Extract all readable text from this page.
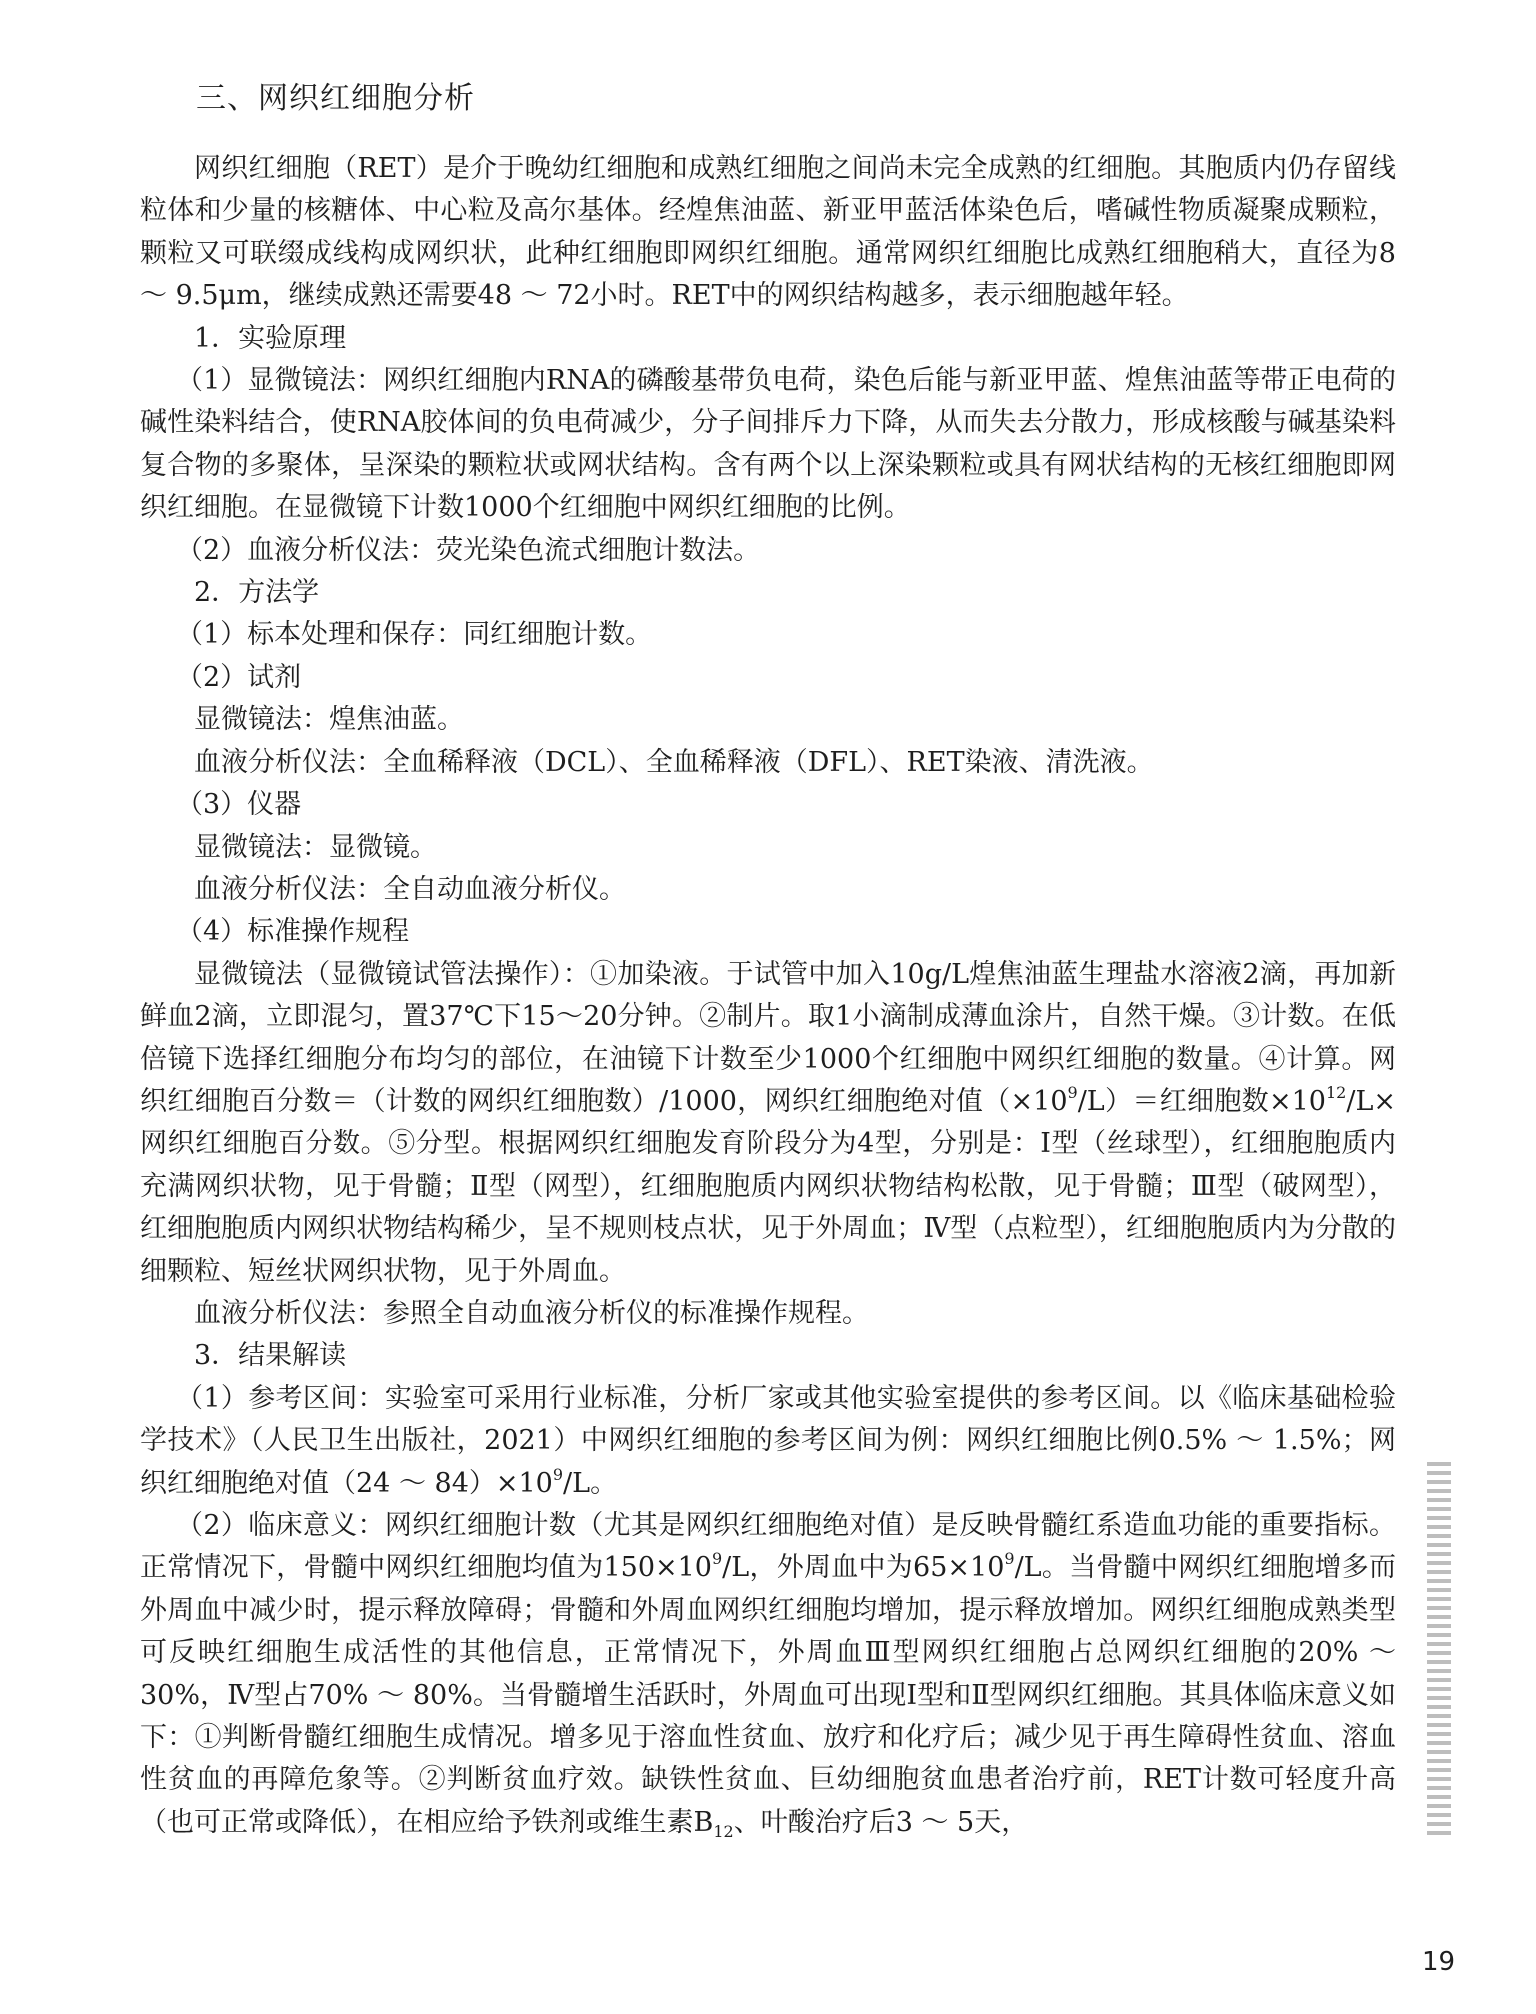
三、网织红细胞分析

网织红细胞（RET）是介于晚幼红细胞和成熟红细胞之间尚未完全成熟的红细胞。其胞质内仍存留线粒体和少量的核糖体、中心粒及高尔基体。经煌焦油蓝、新亚甲蓝活体染色后，嗜碱性物质凝聚成颗粒，颗粒又可联缀成线构成网织状，此种红细胞即网织红细胞。通常网织红细胞比成熟红细胞稍大，直径为8 ～ 9.5μm，继续成熟还需要48 ～ 72小时。RET中的网织结构越多，表示细胞越年轻。

1．实验原理

（1）显微镜法：网织红细胞内RNA的磷酸基带负电荷，染色后能与新亚甲蓝、煌焦油蓝等带正电荷的碱性染料结合，使RNA胶体间的负电荷减少，分子间排斥力下降，从而失去分散力，形成核酸与碱基染料复合物的多聚体，呈深染的颗粒状或网状结构。含有两个以上深染颗粒或具有网状结构的无核红细胞即网织红细胞。在显微镜下计数1000个红细胞中网织红细胞的比例。

（2）血液分析仪法：荧光染色流式细胞计数法。

2．方法学

（1）标本处理和保存：同红细胞计数。

（2）试剂

显微镜法：煌焦油蓝。

血液分析仪法：全血稀释液（DCL）、全血稀释液（DFL）、RET染液、清洗液。

（3）仪器

显微镜法：显微镜。

血液分析仪法：全自动血液分析仪。

（4）标准操作规程

显微镜法（显微镜试管法操作）：①加染液。于试管中加入10g/L煌焦油蓝生理盐水溶液2滴，再加新鲜血2滴，立即混匀，置37℃下15～20分钟。②制片。取1小滴制成薄血涂片，自然干燥。③计数。在低倍镜下选择红细胞分布均匀的部位，在油镜下计数至少1000个红细胞中网织红细胞的数量。④计算。网织红细胞百分数＝（计数的网织红细胞数）/1000，网织红细胞绝对值$(\times 10^9/L)=$红细胞数$\times 10^{12}/L\times$ 网织红细胞百分数。⑤分型。根据网织红细胞发育阶段分为4型，分别是：Ⅰ型（丝球型），红细胞胞质内充满网织状物，见于骨髓；Ⅱ型（网型），红细胞胞质内网织状物结构松散，见于骨髓；Ⅲ型（破网型），红细胞胞质内网织状物结构稀少，呈不规则枝点状，见于外周血；Ⅳ型（点粒型），红细胞胞质内为分散的细颗粒、短丝状网织状物，见于外周血。

血液分析仪法：参照全自动血液分析仪的标准操作规程。

3．结果解读

（1）参考区间：实验室可采用行业标准，分析厂家或其他实验室提供的参考区间。以《临床基础检验学技术》（人民卫生出版社，2021）中网织红细胞的参考区间为例：网织红细胞比例0.5% ～ 1.5%；网织红细胞绝对值（24 ～ $84)\times 10^9/L$。

（2）临床意义：网织红细胞计数（尤其是网织红细胞绝对值）是反映骨髓红系造血功能的重要指标。正常情况下，骨髓中网织红细胞均值为$150\times 10^9/L$，外周血中为$65\times 10^9/L$。当骨髓中网织红细胞增多而外周血中减少时，提示释放障碍；骨髓和外周血网织红细胞均增加，提示释放增加。网织红细胞成熟类型可反映红细胞生成活性的其他信息，正常情况下，外周血Ⅲ型网织红细胞占总网织红细胞的20% ～ 30%，Ⅳ型占70% ～ 80%。当骨髓增生活跃时，外周血可出现Ⅰ型和Ⅱ型网织红细胞。其具体临床意义如下：①判断骨髓红细胞生成情况。增多见于溶血性贫血、放疗和化疗后；减少见于再生障碍性贫血、溶血性贫血的再障危象等。②判断贫血疗效。缺铁性贫血、巨幼细胞贫血患者治疗前，RET计数可轻度升高（也可正常或降低），在相应给予铁剂或维生素$B_{12}$、叶酸治疗后3 ～ 5天，

19
